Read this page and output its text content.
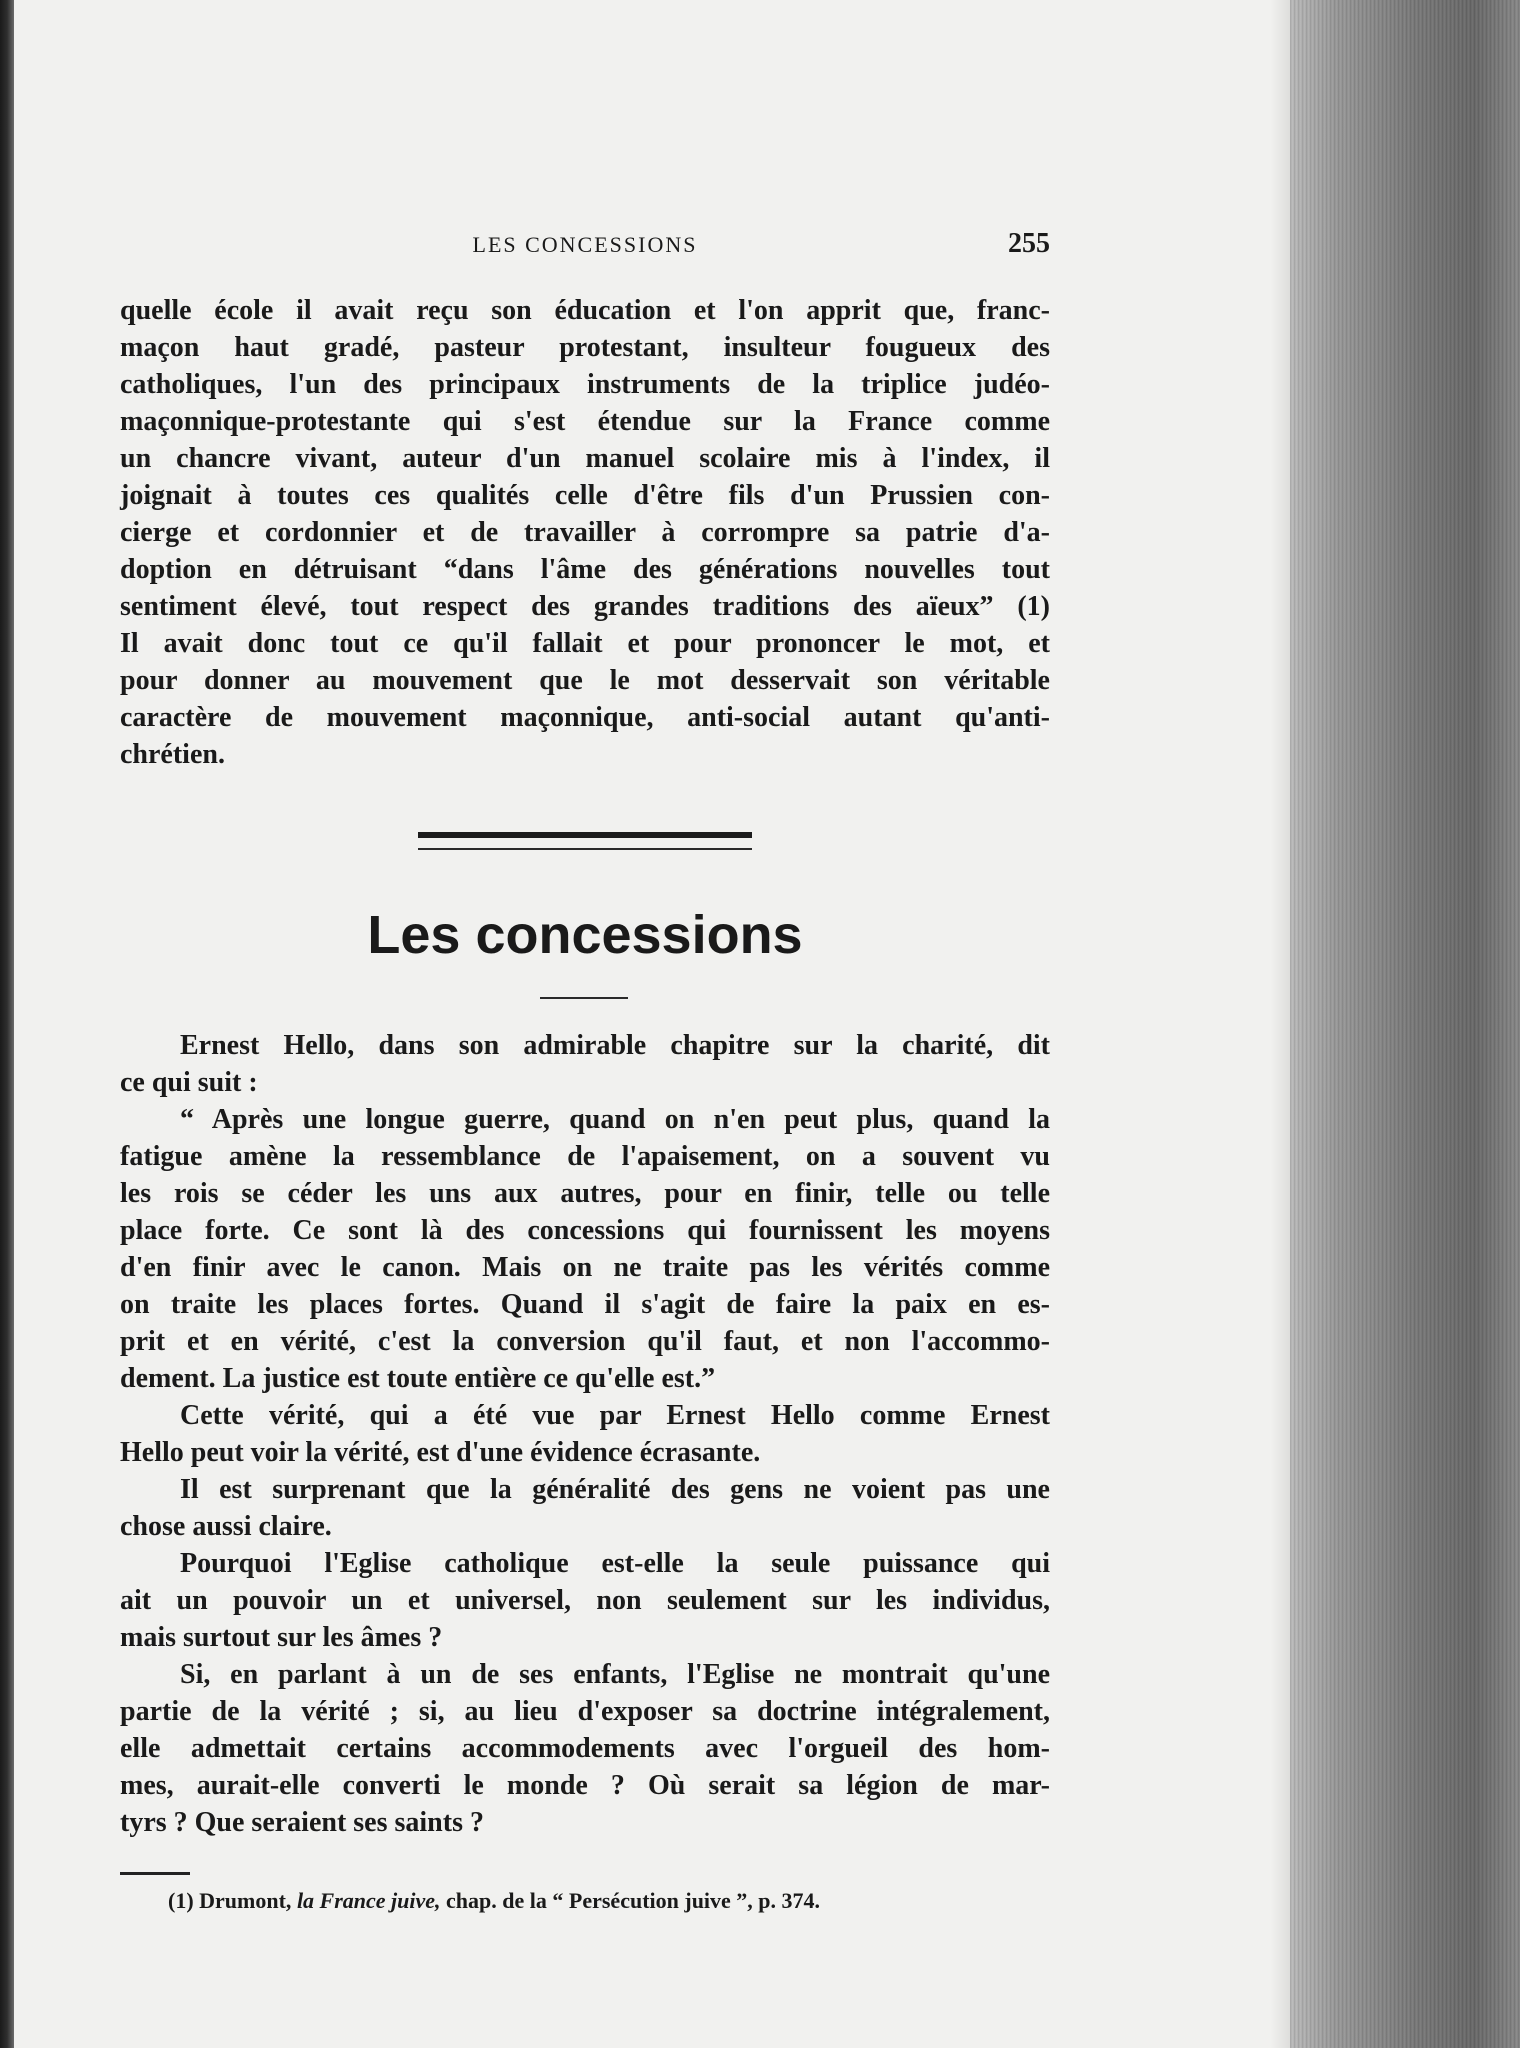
LES CONCESSIONS	255
quelle école il avait reçu son éducation et l'on apprit que, franc-
maçon haut gradé, pasteur protestant, insulteur fougueux des
catholiques, l'un des principaux instruments de la triplice judéo-
maçonnique-protestante qui s'est étendue sur la France comme
un chancre vivant, auteur d'un manuel scolaire mis à l'index, il
joignait à toutes ces qualités celle d'être fils d'un Prussien con-
cierge et cordonnier et de travailler à corrompre sa patrie d'a-
doption en détruisant “dans l'âme des générations nouvelles tout
sentiment élevé, tout respect des grandes traditions des aïeux” (1)
Il avait donc tout ce qu'il fallait et pour prononcer le mot, et
pour donner au mouvement que le mot desservait son véritable
caractère de mouvement maçonnique, anti-social autant qu'anti-
chrétien.
Les concessions
Ernest Hello, dans son admirable chapitre sur la charité, dit
ce qui suit :
“ Après une longue guerre, quand on n'en peut plus, quand la
fatigue amène la ressemblance de l'apaisement, on a souvent vu
les rois se céder les uns aux autres, pour en finir, telle ou telle
place forte. Ce sont là des concessions qui fournissent les moyens
d'en finir avec le canon. Mais on ne traite pas les vérités comme
on traite les places fortes. Quand il s'agit de faire la paix en es-
prit et en vérité, c'est la conversion qu'il faut, et non l'accommo-
dement. La justice est toute entière ce qu'elle est.”
Cette vérité, qui a été vue par Ernest Hello comme Ernest
Hello peut voir la vérité, est d'une évidence écrasante.
Il est surprenant que la généralité des gens ne voient pas une
chose aussi claire.
Pourquoi l'Eglise catholique est-elle la seule puissance qui
ait un pouvoir un et universel, non seulement sur les individus,
mais surtout sur les âmes ?
Si, en parlant à un de ses enfants, l'Eglise ne montrait qu'une
partie de la vérité ; si, au lieu d'exposer sa doctrine intégralement,
elle admettait certains accommodements avec l'orgueil des hom-
mes, aurait-elle converti le monde ? Où serait sa légion de mar-
tyrs ? Que seraient ses saints ?
(1) Drumont, la France juive, chap. de la “ Persécution juive ”, p. 374.
